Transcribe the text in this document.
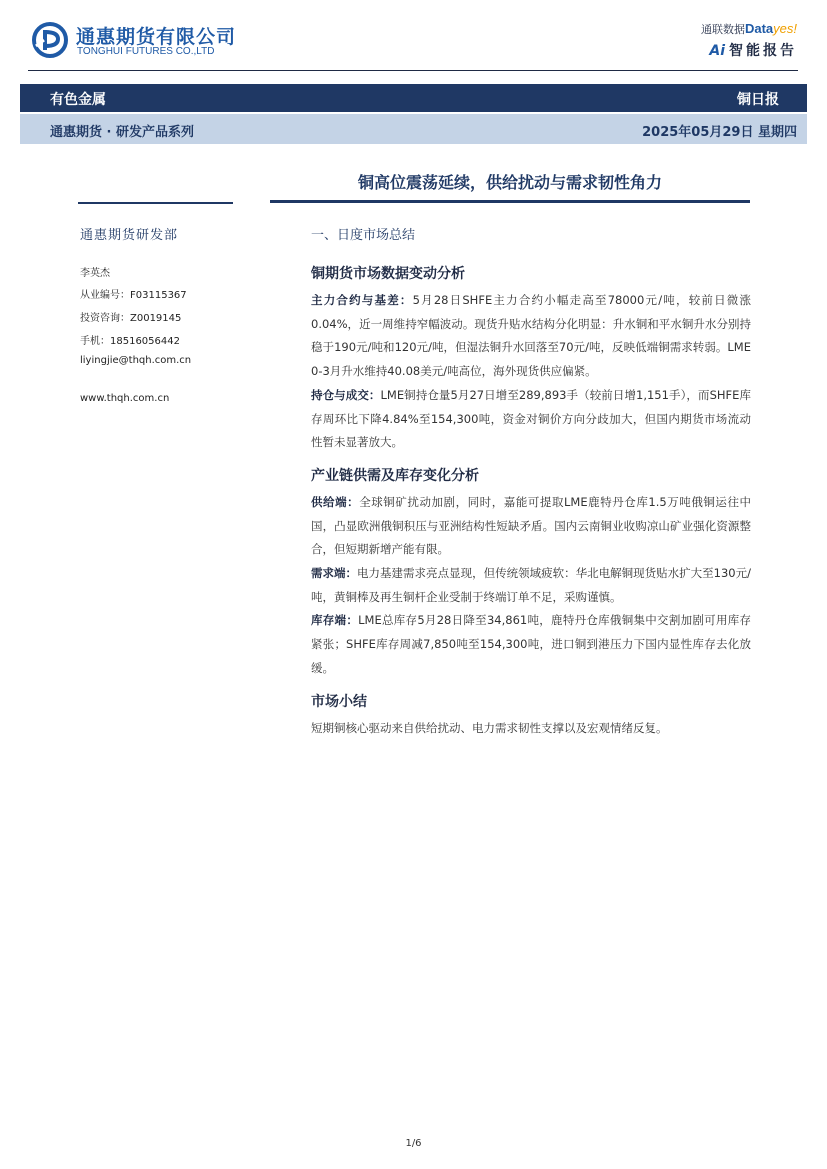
通惠期货有限公司
TONGHUI FUTURES CO.,LTD
通联数据Datayes!
Ai 智能报告
有色金属	铜日报
通惠期货 · 研发产品系列	2025年05月29日 星期四
铜高位震荡延续，供给扰动与需求韧性角力
通惠期货研发部
李英杰
从业编号：F03115367
投资咨询：Z0019145
手机：18516056442
liyingjie@thqh.com.cn
www.thqh.com.cn
一、日度市场总结
铜期货市场数据变动分析

主力合约与基差：5月28日SHFE主力合约小幅走高至78000元/吨，较前日微涨0.04%，近一周维持窄幅波动。现货升贴水结构分化明显：升水铜和平水铜升水分别持稳于190元/吨和120元/吨，但湿法铜升水回落至70元/吨，反映低端铜需求转弱。LME 0-3月升水维持40.08美元/吨高位，海外现货供应偏紧。

持仓与成交：LME铜持仓量5月27日增至289,893手（较前日增1,151手），而SHFE库存周环比下降4.84%至154,300吨，资金对铜价方向分歧加大，但国内期货市场流动性暂未显著放大。

产业链供需及库存变化分析

供给端：全球铜矿扰动加剧，同时，嘉能可提取LME鹿特丹仓库1.5万吨俄铜运往中国，凸显欧洲俄铜积压与亚洲结构性短缺矛盾。国内云南铜业收购凉山矿业强化资源整合，但短期新增产能有限。

需求端：电力基建需求亮点显现，但传统领域疲软：华北电解铜现货贴水扩大至130元/吨，黄铜棒及再生铜杆企业受制于终端订单不足，采购谨慎。

库存端：LME总库存5月28日降至34,861吨，鹿特丹仓库俄铜集中交割加剧可用库存紧张；SHFE库存周减7,850吨至154,300吨，进口铜到港压力下国内显性库存去化放缓。

市场小结

短期铜核心驱动来自供给扰动、电力需求韧性支撑以及宏观情绪反复。

1/6
